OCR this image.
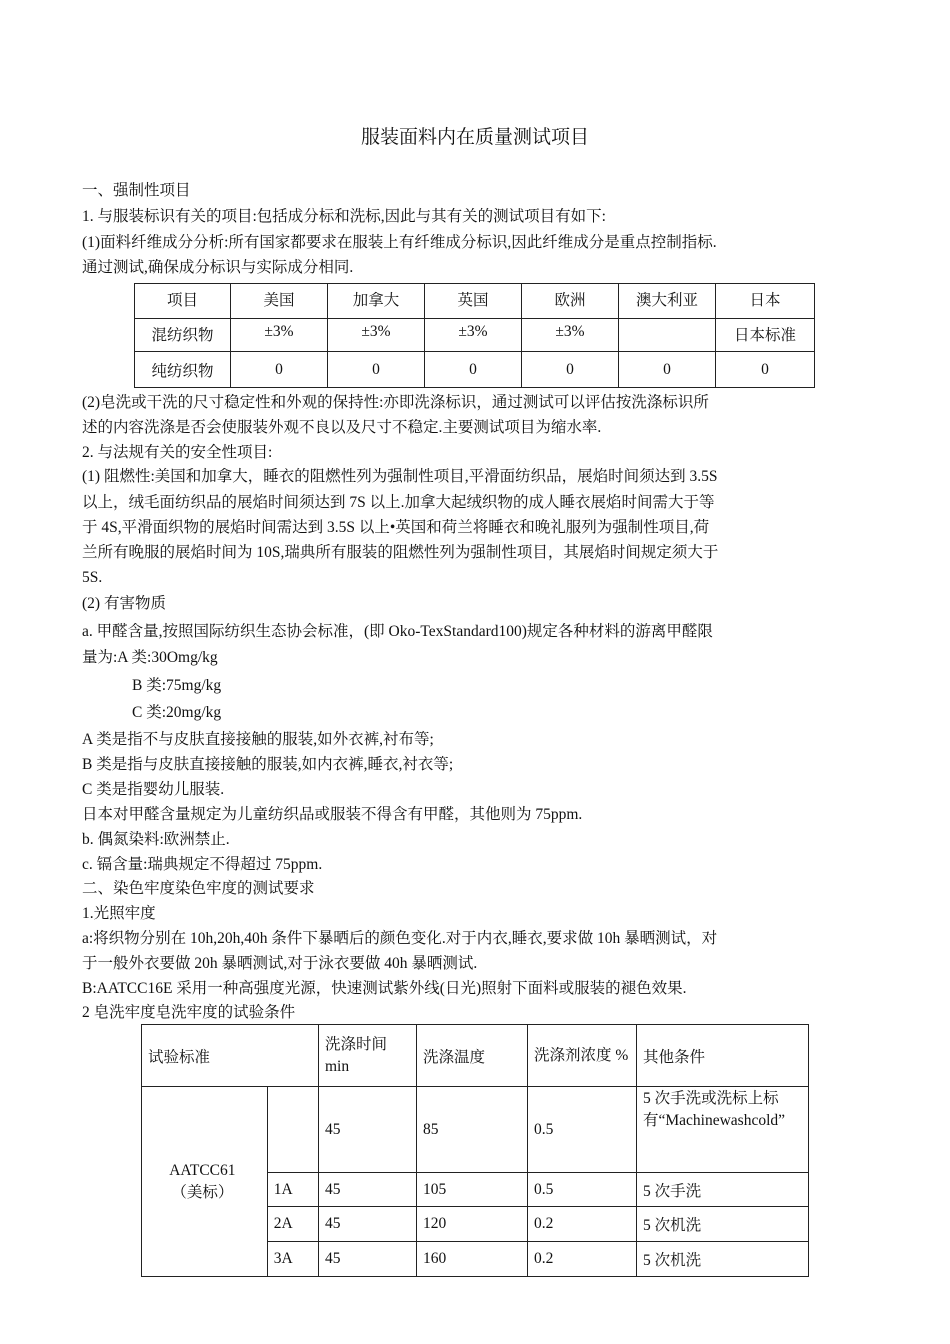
服装面料内在质量测试项目
一、强制性项目
1. 与服装标识有关的项目:包括成分标和洗标,因此与其有关的测试项目有如下:
(1)面料纤维成分分析:所有国家都要求在服装上有纤维成分标识,因此纤维成分是重点控制指标.
通过测试,确保成分标识与实际成分相同.
项目	美国	加拿大	英国	欧洲	澳大利亚	日本
混纺织物	±3%	±3%	±3%	±3%		日本标准
纯纺织物	0	0	0	0	0	0
(2)皂洗或干洗的尺寸稳定性和外观的保持性:亦即洗涤标识，通过测试可以评估按洗涤标识所
述的内容洗涤是否会使服装外观不良以及尺寸不稳定.主要测试项目为缩水率.
2. 与法规有关的安全性项目:
(1) 阻燃性:美国和加拿大，睡衣的阻燃性列为强制性项目,平滑面纺织品，展焰时间须达到 3.5S
以上，绒毛面纺织品的展焰时间须达到 7S 以上.加拿大起绒织物的成人睡衣展焰时间需大于等
于 4S,平滑面织物的展焰时间需达到 3.5S 以上•英国和荷兰将睡衣和晚礼服列为强制性项目,荷
兰所有晚服的展焰时间为 10S,瑞典所有服装的阻燃性列为强制性项目，其展焰时间规定须大于
5S.
(2) 有害物质
a. 甲醛含量,按照国际纺织生态协会标准，(即 Oko-TexStandard100)规定各种材料的游离甲醛限
量为:A 类:30Omg/kg
B 类:75mg/kg
C 类:20mg/kg
A 类是指不与皮肤直接接触的服装,如外衣裤,衬布等;
B 类是指与皮肤直接接触的服装,如内衣裤,睡衣,衬衣等;
C 类是指婴幼儿服装.
日本对甲醛含量规定为儿童纺织品或服装不得含有甲醛，其他则为 75ppm.
b. 偶氮染料:欧洲禁止.
c. 镉含量:瑞典规定不得超过 75ppm.
二、染色牢度染色牢度的测试要求
1.光照牢度
a:将织物分别在 10h,20h,40h 条件下暴晒后的颜色变化.对于内衣,睡衣,要求做 10h 暴晒测试，对
于一般外衣要做 20h 暴晒测试,对于泳衣要做 40h 暴晒测试.
B:AATCC16E 采用一种高强度光源，快速测试紫外线(日光)照射下面料或服装的褪色效果.
2 皂洗牢度皂洗牢度的试验条件
试验标准		洗涤时间 min	洗涤温度	洗涤剂浓度 %	其他条件

AATCC61
（美标）		45	85	0.5	5 次手洗或洗标上标有“Machinewashcold”

	1A	45	105	0.5	5 次手洗
	2A	45	120	0.2	5 次机洗
	3A	45	160	0.2	5 次机洗
